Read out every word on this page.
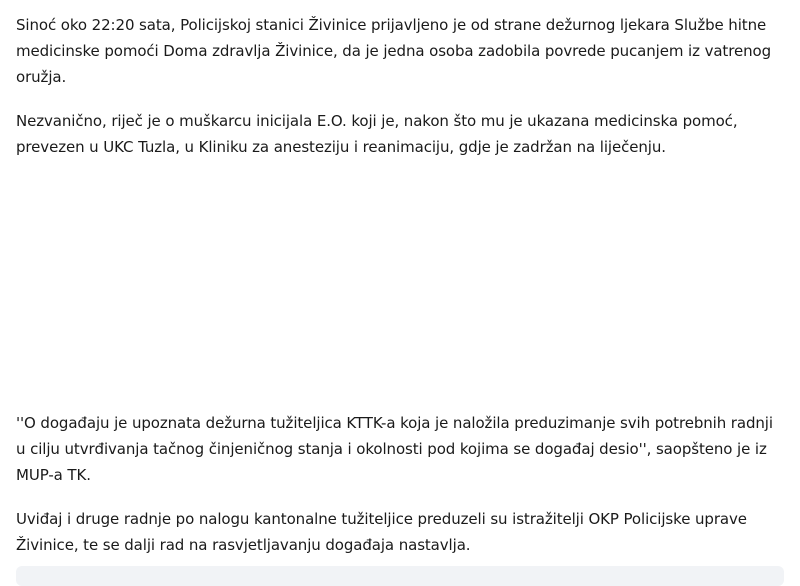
Sinoć oko 22:20 sata, Policijskoj stanici Živinice prijavljeno je od strane dežurnog ljekara Službe hitne medicinske pomoći Doma zdravlja Živinice, da je jedna osoba zadobila povrede pucanjem iz vatrenog oružja.

Nezvanično, riječ je o muškarcu inicijala E.O. koji je, nakon što mu je ukazana medicinska pomoć, prevezen u UKC Tuzla, u Kliniku za anesteziju i reanimaciju, gdje je zadržan na liječenju.

''O događaju je upoznata dežurna tužiteljica KTTK-a koja je naložila preduzimanje svih potrebnih radnji u cilju utvrđivanja tačnog činjeničnog stanja i okolnosti pod kojima se događaj desio'', saopšteno je iz MUP-a TK.

Uviđaj i druge radnje po nalogu kantonalne tužiteljice preduzeli su istražitelji OKP Policijske uprave Živinice, te se dalji rad na rasvjetljavanju događaja nastavlja.
